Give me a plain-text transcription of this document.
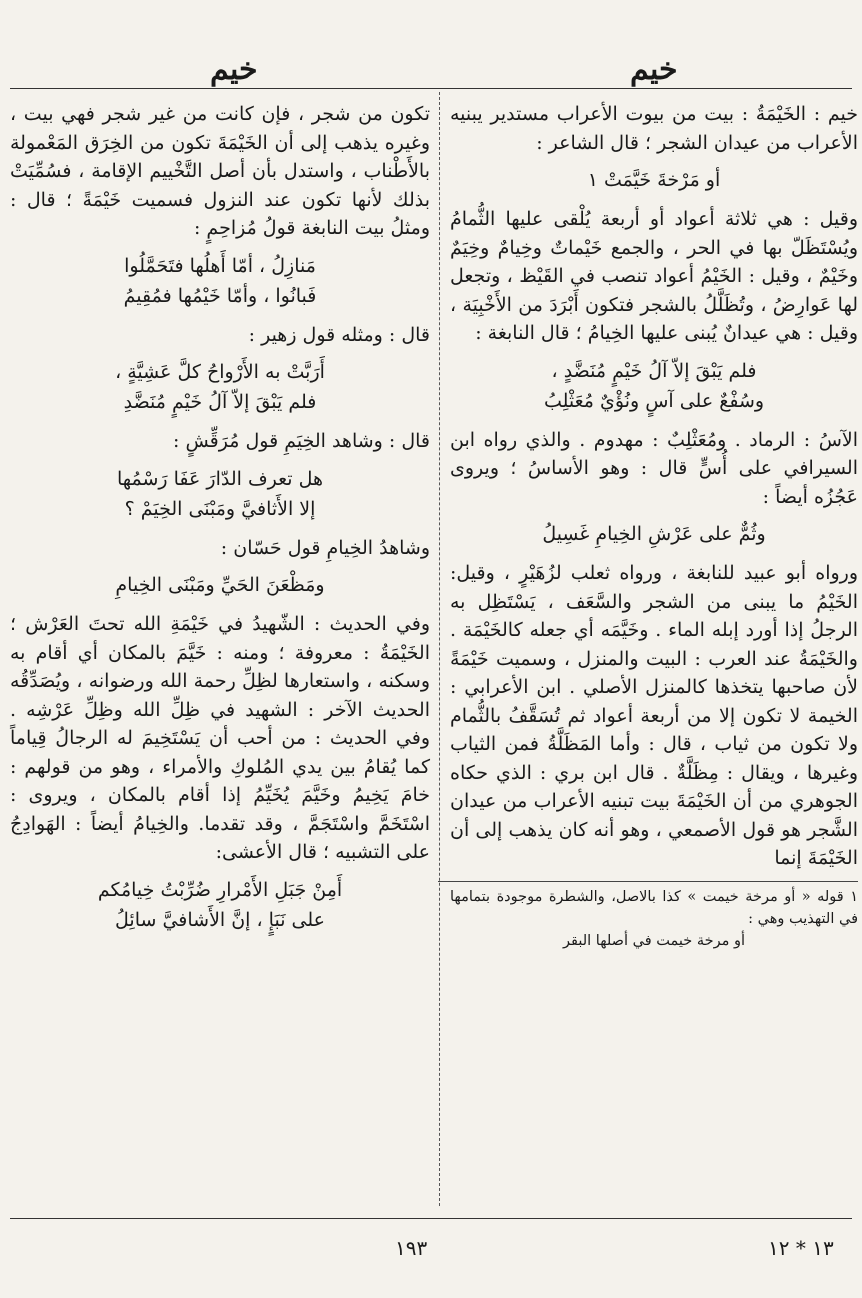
خيم	خيم

خيم : الخَيْمَةُ : بيت من بيوت الأعراب مستدير يبنيه الأعراب من عيدان الشجر ؛ قال الشاعر :

أو مَرْخةَ خَيَّمَتْ ١

وقيل : هي ثلاثة أعواد أو أربعة يُلْقى عليها الثُّمامُ ويُسْتَظَلّ بها في الحر ، والجمع خَيْماتٌ وخِيامٌ وخِيَمٌ وخَيْمٌ ، وقيل : الخَيْمُ أعواد تنصب في القَيْظ ، وتجعل لها عَوارِضُ ، وتُظَلَّلُ بالشجر فتكون أَبْرَدَ من الأَخْبِيَة ، وقيل : هي عيدانٌ يُبنى عليها الخِيامُ ؛ قال النابغة :

فلم يَبْقَ إلاّ آلُ خَيْمٍ مُنَضَّدٍ ،
وسُفْعٌ على آسٍ ونُؤْيٌ مُعَثْلِبُ

الآسُ : الرماد . ومُعَثْلِبٌ : مهدوم . والذي رواه ابن السيرافي على أُسٍّ قال : وهو الأساسُ ؛ ويروى عَجُزُه أيضاً :

وثُمٌّ على عَرْشِ الخِيامِ غَسِيلُ

ورواه أبو عبيد للنابغة ، ورواه ثعلب لزُهَيْرٍ ، وقيل: الخَيْمُ ما يبنى من الشجر والسَّعَف ، يَسْتَظِل به الرجلُ إذا أورد إبله الماء . وخَيَّمَه أي جعله كالخَيْمَة . والخَيْمَةُ عند العرب : البيت والمنزل ، وسميت خَيْمَةً لأن صاحبها يتخذها كالمنزل الأصلي . ابن الأعرابي : الخيمة لا تكون إلا من أربعة أعواد ثم تُسَقَّفُ بالثُّمام ولا تكون من ثياب ، قال : وأما المَظَلَّةُ فمن الثياب وغيرها ، ويقال : مِظَلَّةٌ . قال ابن بري : الذي حكاه الجوهري من أن الخَيْمَةَ بيت تبنيه الأعراب من عيدان الشَّجر هو قول الأصمعي ، وهو أنه كان يذهب إلى أن الخَيْمَةَ إنما

١ قوله « أو مرخة خيمت » كذا بالاصل، والشطرة موجودة بتمامها في التهذيب وهي :
أو مرخة خيمت في أصلها البقر

تكون من شجر ، فإن كانت من غير شجر فهي بيت ، وغيره يذهب إلى أن الخَيْمَةَ تكون من الخِرَق المَعْمولة بالأَطْناب ، واستدل بأن أصل التَّخْييم الإقامة ، فسُمِّيَتْ بذلك لأنها تكون عند النزول فسميت خَيْمَةً ؛ قال : ومثلُ بيت النابغة قولُ مُزاحِمٍ :

مَنازِلُ ، أمّا أَهلُها فتَحَمَّلُوا
فَبانُوا ، وأمّا خَيْمُها فمُقِيمُ

قال : ومثله قول زهير :

أَرَبَّتْ به الأَرْواحُ كلَّ عَشِيَّةٍ ،
فلم يَبْقَ إلاّ آلُ خَيْمٍ مُنَضَّدِ

قال : وشاهد الخِيَمِ قول مُرَقِّشٍ :

هل تعرف الدّارَ عَفَا رَسْمُها
إلا الأَثافيَّ ومَبْنَى الخِيَمْ ؟

وشاهدُ الخِيامِ قول حَسّان :

ومَظْعَنَ الحَيِّ ومَبْنَى الخِيامِ

وفي الحديث : الشّهيدُ في خَيْمَةِ الله تحتَ العَرْش ؛ الخَيْمَةُ : معروفة ؛ ومنه : خَيَّمَ بالمكان أي أقام به وسكنه ، واستعارها لظِلِّ رحمة الله ورضوانه ، ويُصَدِّقُه الحديث الآخر : الشهيد في ظِلِّ الله وظِلِّ عَرْشِه . وفي الحديث : من أحب أن يَسْتَخِيمَ له الرجالُ قِياماً كما يُقامُ بين يدي المُلوكِ والأمراء ، وهو من قولهم : خامَ يَخِيمُ وخَيَّمَ يُخَيِّمُ إذا أقام بالمكان ، ويروى : اسْتَخَمَّ واسْتَجَمَّ ، وقد تقدما. والخِيامُ أيضاً : الهَوادِجُ على التشبيه ؛ قال الأعشى:

أَمِنْ جَبَلِ الأَمْرارِ ضُرِّبْتُ خِيامُكم
على نَبَإٍ ، إنَّ الأَشافيَّ سائِلُ
١٩٣	١٣ * ١٢
